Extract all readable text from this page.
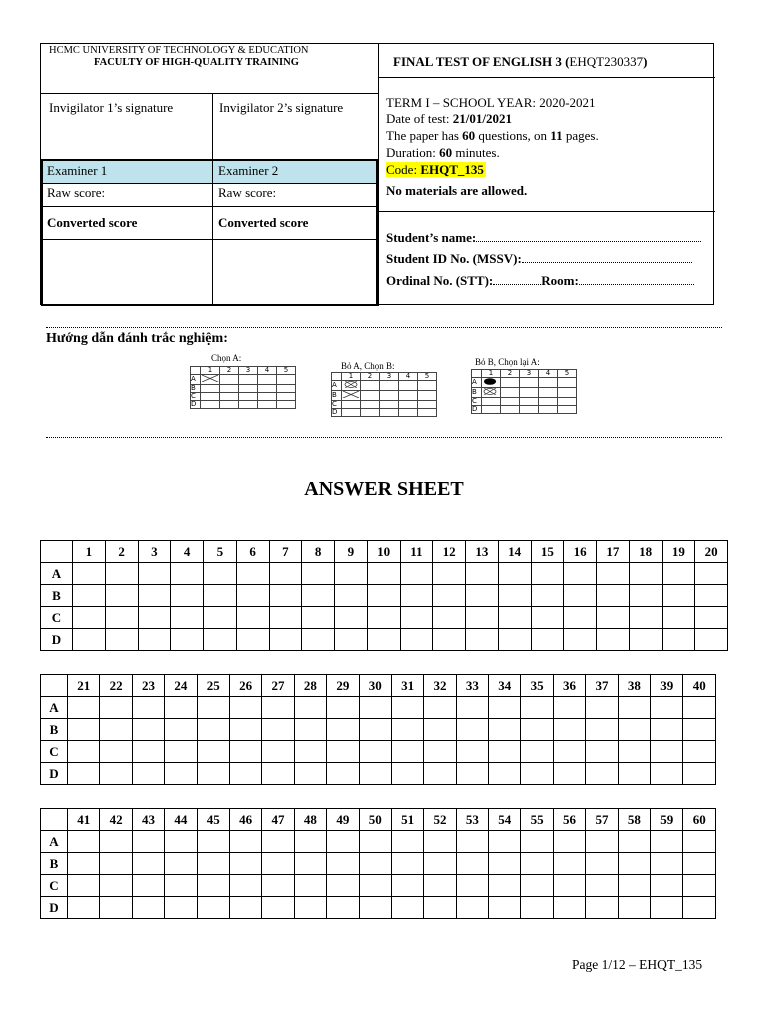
HCMC UNIVERSITY OF TECHNOLOGY & EDUCATION
FACULTY OF HIGH-QUALITY TRAINING
Invigilator 1’s signature	Invigilator 2’s signature
Examiner 1	Examiner 2
Raw score:	Raw score:
Converted score	Converted score
FINAL TEST OF ENGLISH 3 (EHQT230337)
TERM I – SCHOOL YEAR: 2020-2021
Date of test: 21/01/2021
The paper has 60 questions, on 11 pages.
Duration: 60 minutes.
Code: EHQT_135
No materials are allowed.
Student’s name:
Student ID No. (MSSV):
Ordinal No. (STT):	Room:
Hướng dẫn đánh trắc nghiệm:
Chọn A:
	1	2	3	4	5
A					
B					
C					
D					
Bỏ A, Chọn B:
	1	2	3	4	5
A					
B					
C					
D					
Bỏ B, Chọn lại A:
	1	2	3	4	5
A					
B					
C					
D					
ANSWER SHEET
	1	2	3	4	5	6	7	8	9	10	11	12	13	14	15	16	17	18	19	20
A																				
B																				
C																				
D																				
	21	22	23	24	25	26	27	28	29	30	31	32	33	34	35	36	37	38	39	40
A																				
B																				
C																				
D																				
	41	42	43	44	45	46	47	48	49	50	51	52	53	54	55	56	57	58	59	60
A																				
B																				
C																				
D																				
Page 1/12 – EHQT_135
